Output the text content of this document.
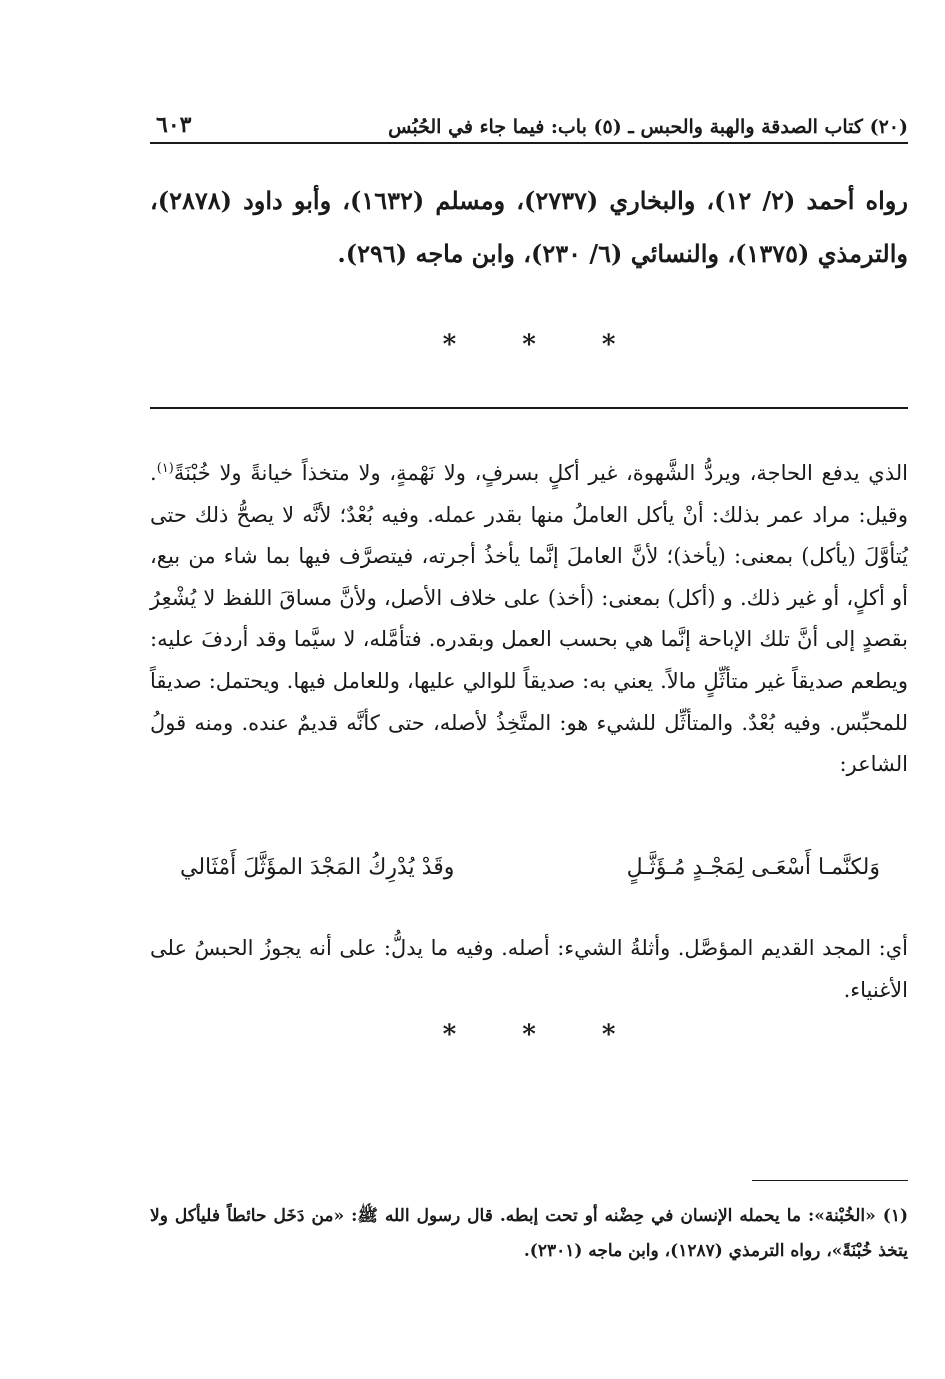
(٢٠) كتاب الصدقة والهبة والحبس ـ (٥) باب: فيما جاء في الحُبُس
٦٠٣

رواه أحمد (٢/ ١٢)، والبخاري (٢٧٣٧)، ومسلم (١٦٣٢)، وأبو داود (٢٨٧٨)، والترمذي (١٣٧٥)، والنسائي (٦/ ٢٣٠)، وابن ماجه (٢٩٦).

*
*
*

الذي يدفع الحاجة، ويردُّ الشَّهوة، غير أكلٍ بسرفٍ، ولا نَهْمةٍ، ولا متخذاً خيانةً ولا خُبْنَةً$^{(١)}$. وقيل: مراد عمر بذلك: أنْ يأكل العاملُ منها بقدر عمله. وفيه بُعْدٌ؛ لأنَّه لا يصحُّ ذلك حتى يُتأوَّلَ (يأكل) بمعنى: (يأخذ)؛ لأنَّ العاملَ إنَّما يأخذُ أجرته، فيتصرَّف فيها بما شاء من بيع، أو أكلٍ، أو غير ذلك. و (أكل) بمعنى: (أخذ) على خلاف الأصل، ولأنَّ مساقَ اللفظ لا يُشْعِرُ بقصدٍ إلى أنَّ تلك الإباحة إنَّما هي بحسب العمل وبقدره. فتأمَّله، لا سيَّما وقد أردفَ عليه: ويطعم صديقاً غير متأثِّلٍ مالاً. يعني به: صديقاً للوالي عليها، وللعامل فيها. ويحتمل: صديقاً للمحبِّس. وفيه بُعْدٌ. والمتأثِّل للشيء هو: المتَّخِذُ لأصله، حتى كأنَّه قديمٌ عنده. ومنه قولُ الشاعر:

وَلكنَّمـا أَسْعَـى لِمَجْـدٍ مُـؤَثَّـلٍ
وقَدْ يُدْرِكُ المَجْدَ المؤَثَّلَ أَمْثَالي

أي: المجد القديم المؤصَّل. وأثلةُ الشيء: أصله. وفيه ما يدلُّ: على أنه يجوزُ الحبسُ على الأغنياء.

*
*
*

(١) «الخُبْنة»: ما يحمله الإنسان في حِضْنه أو تحت إبطه. قال رسول الله ﷺ: «من دَخَل حائطاً فليأكل ولا يتخذ خُبْنَةً»، رواه الترمذي (١٢٨٧)، وابن ماجه (٢٣٠١).
